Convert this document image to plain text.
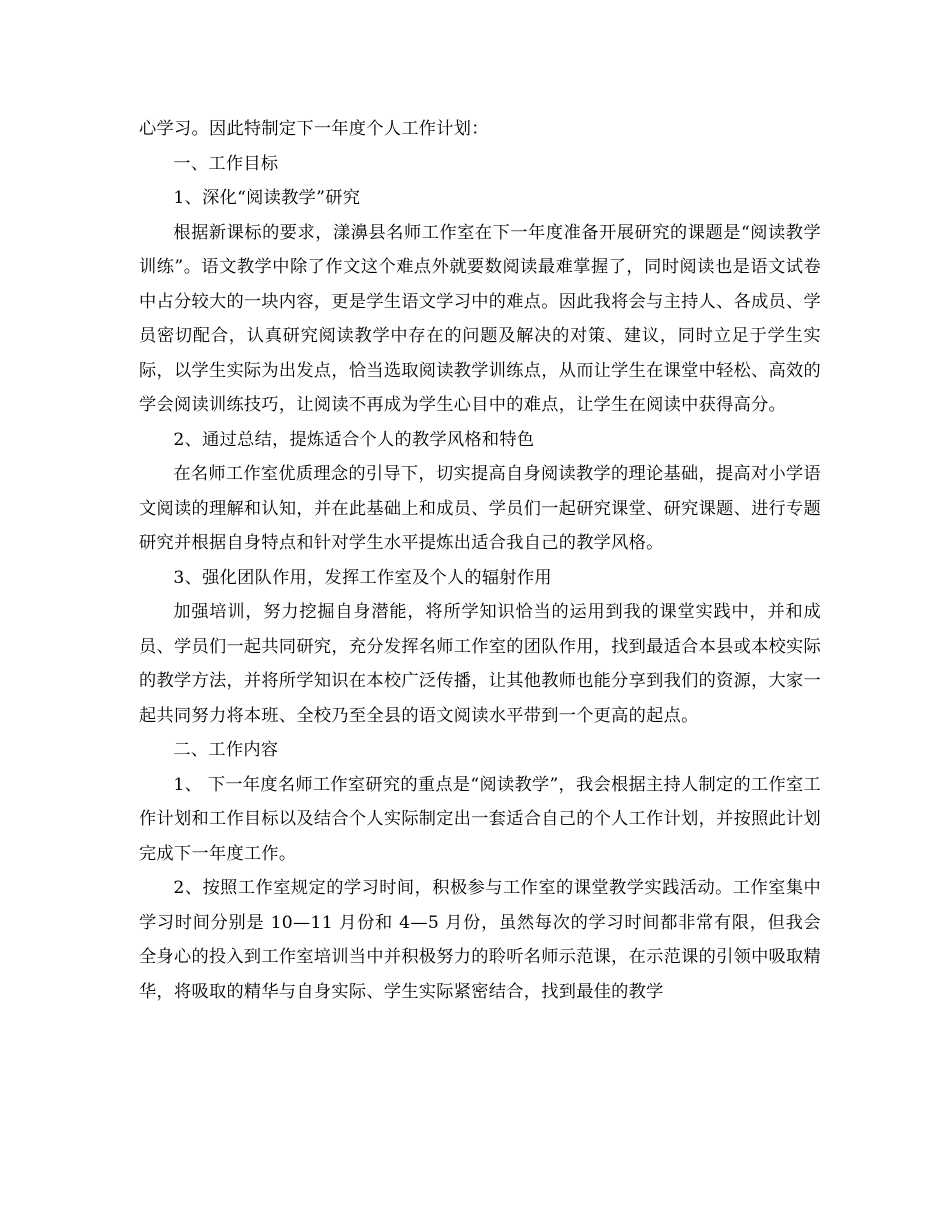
心学习。因此特制定下一年度个人工作计划：

一、工作目标

1、深化“阅读教学”研究

根据新课标的要求，漾濞县名师工作室在下一年度准备开展研究的课题是“阅读教学训练”。语文教学中除了作文这个难点外就要数阅读最难掌握了，同时阅读也是语文试卷中占分较大的一块内容，更是学生语文学习中的难点。因此我将会与主持人、各成员、学员密切配合，认真研究阅读教学中存在的问题及解决的对策、建议，同时立足于学生实际，以学生实际为出发点，恰当选取阅读教学训练点，从而让学生在课堂中轻松、高效的学会阅读训练技巧，让阅读不再成为学生心目中的难点，让学生在阅读中获得高分。

2、通过总结，提炼适合个人的教学风格和特色

在名师工作室优质理念的引导下，切实提高自身阅读教学的理论基础，提高对小学语文阅读的理解和认知，并在此基础上和成员、学员们一起研究课堂、研究课题、进行专题研究并根据自身特点和针对学生水平提炼出适合我自己的教学风格。

3、强化团队作用，发挥工作室及个人的辐射作用

加强培训，努力挖掘自身潜能，将所学知识恰当的运用到我的课堂实践中，并和成员、学员们一起共同研究，充分发挥名师工作室的团队作用，找到最适合本县或本校实际的教学方法，并将所学知识在本校广泛传播，让其他教师也能分享到我们的资源，大家一起共同努力将本班、全校乃至全县的语文阅读水平带到一个更高的起点。

二、工作内容

1、 下一年度名师工作室研究的重点是“阅读教学”，我会根据主持人制定的工作室工作计划和工作目标以及结合个人实际制定出一套适合自己的个人工作计划，并按照此计划完成下一年度工作。

2、按照工作室规定的学习时间，积极参与工作室的课堂教学实践活动。工作室集中学习时间分别是 10—11 月份和 4—5 月份，虽然每次的学习时间都非常有限，但我会全身心的投入到工作室培训当中并积极努力的聆听名师示范课，在示范课的引领中吸取精华，将吸取的精华与自身实际、学生实际紧密结合，找到最佳的教学
